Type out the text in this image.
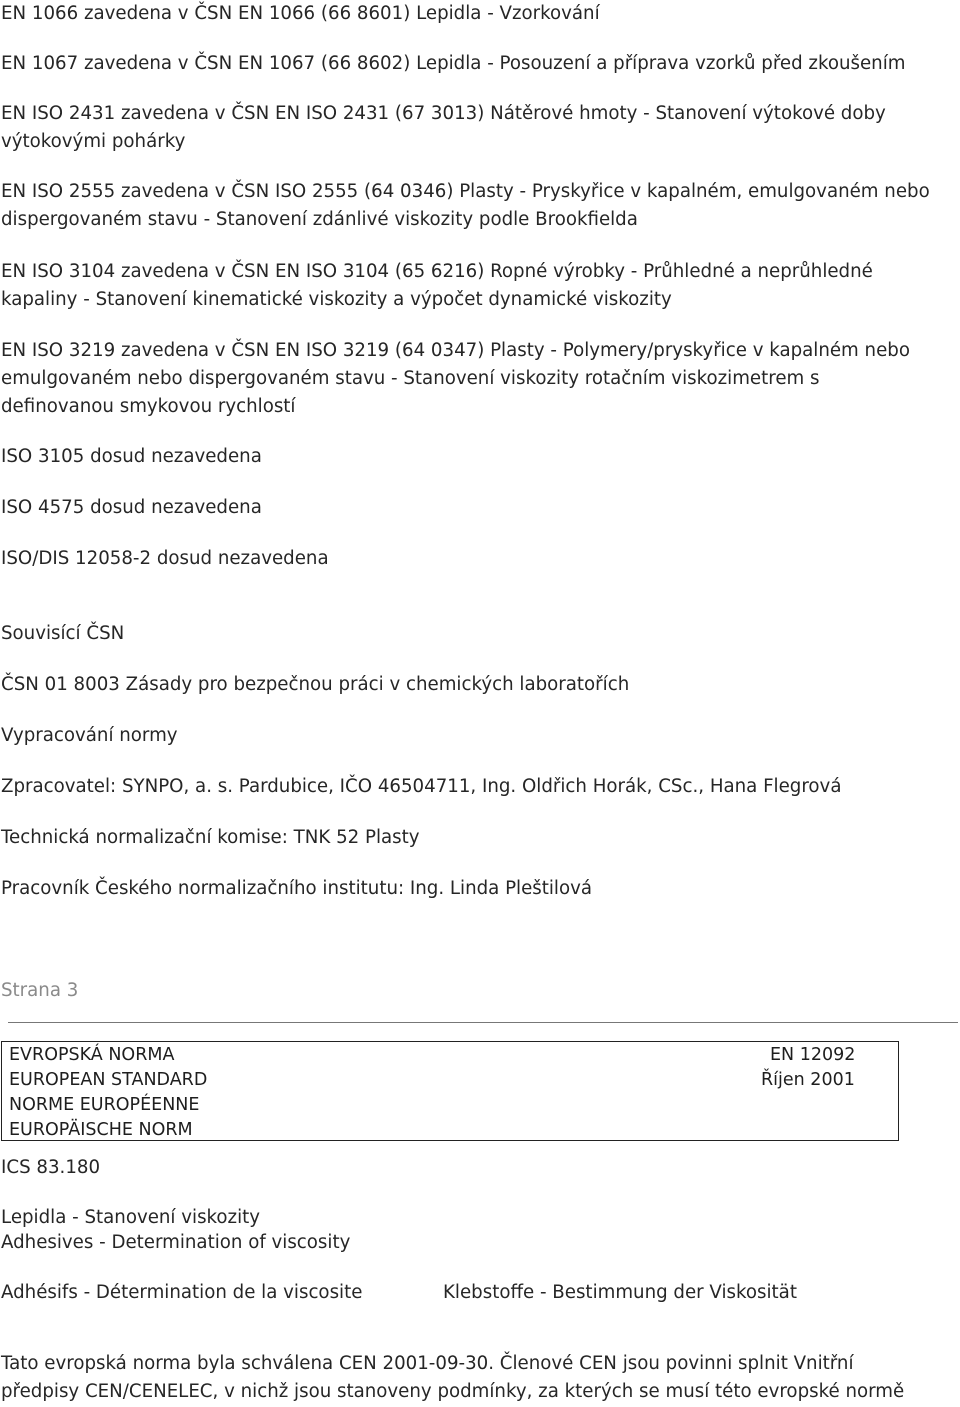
EN 1066 zavedena v ČSN EN 1066 (66 8601) Lepidla - Vzorkování
EN 1067 zavedena v ČSN EN 1067 (66 8602) Lepidla - Posouzení a příprava vzorků před zkoušením
EN ISO 2431 zavedena v ČSN EN ISO 2431 (67 3013) Nátěrové hmoty - Stanovení výtokové doby
výtokovými pohárky
EN ISO 2555 zavedena v ČSN ISO 2555 (64 0346) Plasty - Pryskyřice v kapalném, emulgovaném nebo
dispergovaném stavu - Stanovení zdánlivé viskozity podle Brookfielda
EN ISO 3104 zavedena v ČSN EN ISO 3104 (65 6216) Ropné výrobky - Průhledné a neprůhledné
kapaliny - Stanovení kinematické viskozity a výpočet dynamické viskozity
EN ISO 3219 zavedena v ČSN EN ISO 3219 (64 0347) Plasty - Polymery/pryskyřice v kapalném nebo
emulgovaném nebo dispergovaném stavu - Stanovení viskozity rotačním viskozimetrem s
definovanou smykovou rychlostí
ISO 3105 dosud nezavedena
ISO 4575 dosud nezavedena
ISO/DIS 12058-2 dosud nezavedena
Souvisící ČSN
ČSN 01 8003 Zásady pro bezpečnou práci v chemických laboratořích
Vypracování normy
Zpracovatel: SYNPO, a. s. Pardubice, IČO 46504711, Ing. Oldřich Horák, CSc., Hana Flegrová
Technická normalizační komise: TNK 52 Plasty
Pracovník Českého normalizačního institutu: Ing. Linda Pleštilová
Strana 3
EVROPSKÁ NORMA
EUROPEAN STANDARD
NORME EUROPÉENNE
EUROPÄISCHE NORM
EN 12092
Říjen 2001
ICS 83.180
Lepidla - Stanovení viskozity
Adhesives - Determination of viscosity
Adhésifs - Détermination de la viscosite	Klebstoffe - Bestimmung der Viskosität
Tato evropská norma byla schválena CEN 2001-09-30. Členové CEN jsou povinni splnit Vnitřní
předpisy CEN/CENELEC, v nichž jsou stanoveny podmínky, za kterých se musí této evropské normě
